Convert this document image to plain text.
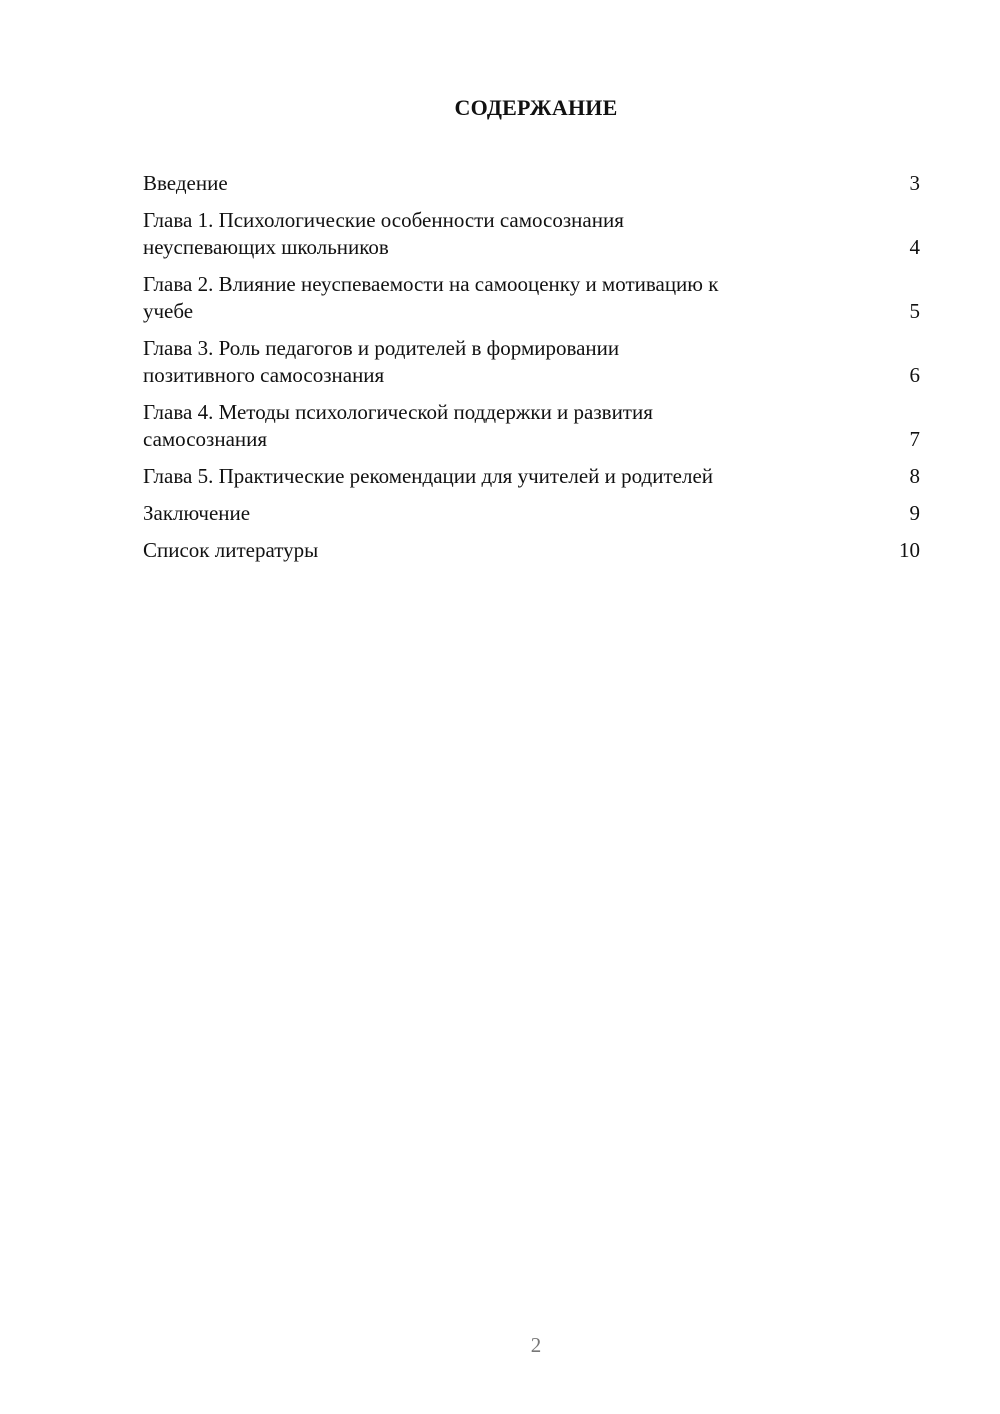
СОДЕРЖАНИЕ
Введение	3
Глава 1. Психологические особенности самосознания
неуспевающих школьников	4
Глава 2. Влияние неуспеваемости на самооценку и мотивацию к
учебе	5
Глава 3. Роль педагогов и родителей в формировании
позитивного самосознания	6
Глава 4. Методы психологической поддержки и развития
самосознания	7
Глава 5. Практические рекомендации для учителей и родителей	8
Заключение	9
Список литературы	10
2
